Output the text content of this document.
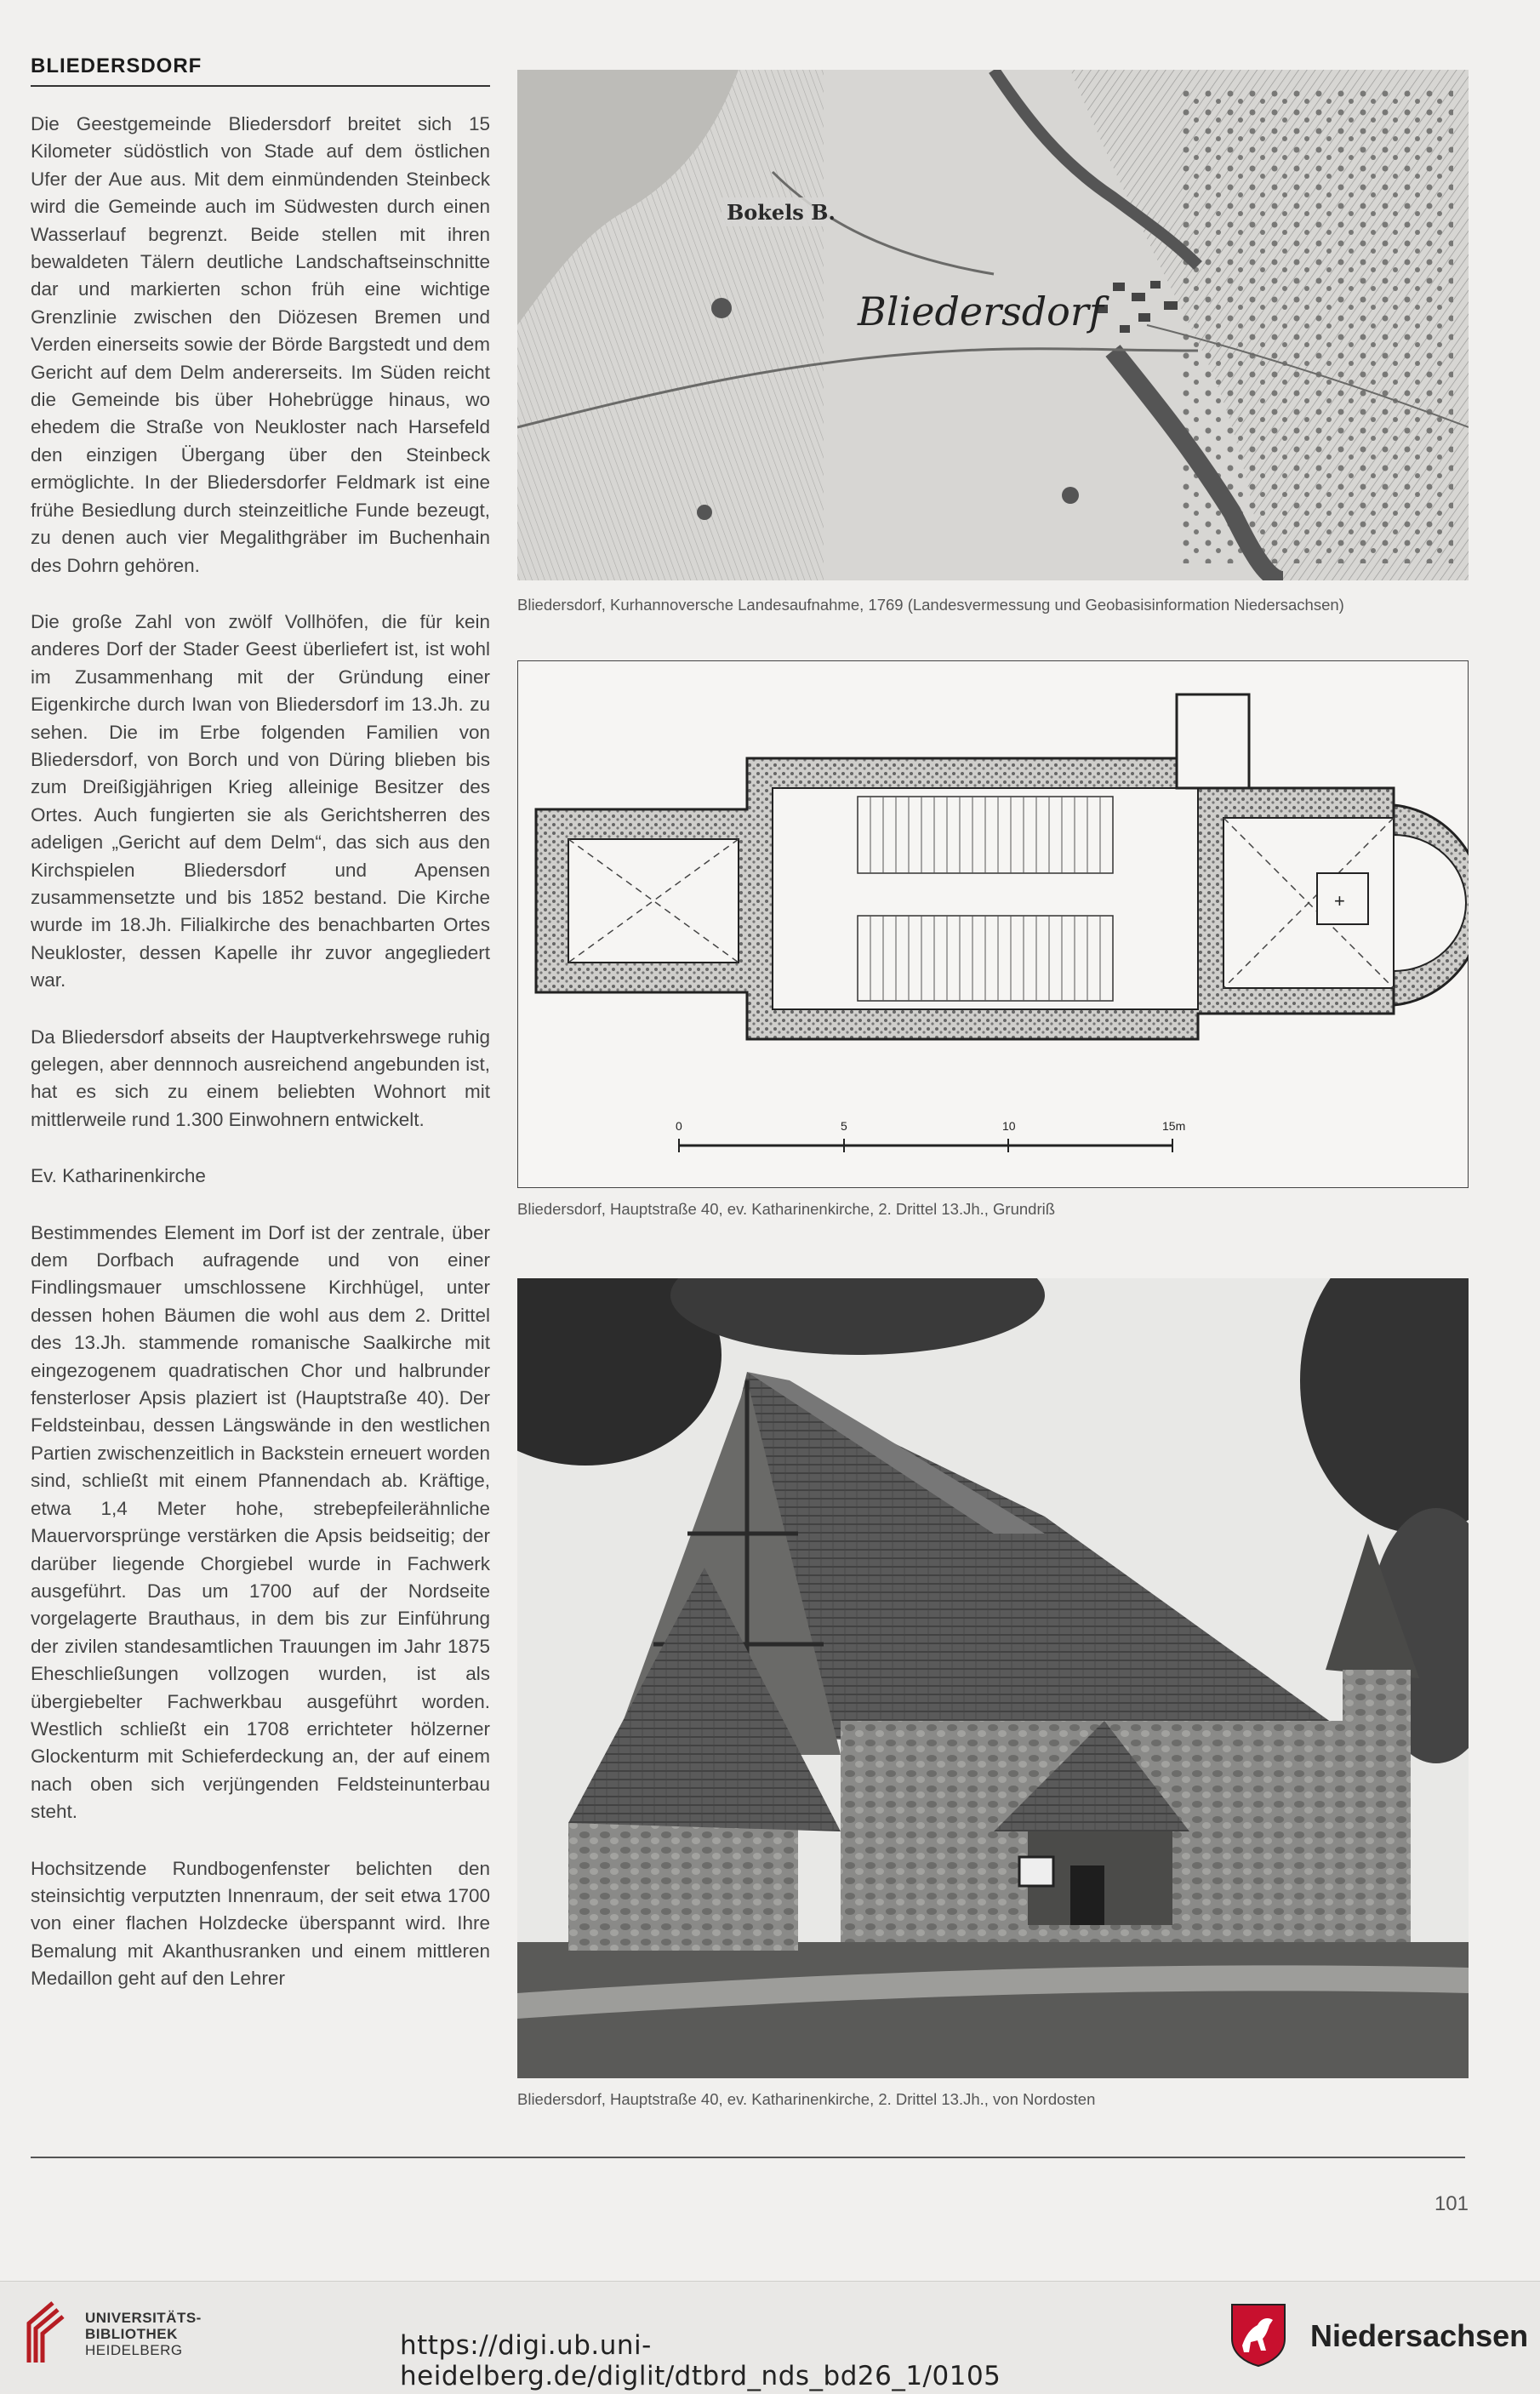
BLIEDERSDORF

Die Geestgemeinde Bliedersdorf breitet sich 15 Kilometer südöstlich von Stade auf dem östlichen Ufer der Aue aus. Mit dem einmündenden Steinbeck wird die Gemeinde auch im Südwesten durch einen Wasserlauf begrenzt. Beide stellen mit ihren bewaldeten Tälern deutliche Landschaftseinschnitte dar und markierten schon früh eine wichtige Grenzlinie zwischen den Diözesen Bremen und Verden einerseits sowie der Börde Bargstedt und dem Gericht auf dem Delm andererseits. Im Süden reicht die Gemeinde bis über Hohebrügge hinaus, wo ehedem die Straße von Neukloster nach Harsefeld den einzigen Übergang über den Steinbeck ermöglichte. In der Bliedersdorfer Feldmark ist eine frühe Besiedlung durch steinzeitliche Funde bezeugt, zu denen auch vier Megalithgräber im Buchenhain des Dohrn gehören.

Die große Zahl von zwölf Vollhöfen, die für kein anderes Dorf der Stader Geest überliefert ist, ist wohl im Zusammenhang mit der Gründung einer Eigenkirche durch Iwan von Bliedersdorf im 13.Jh. zu sehen. Die im Erbe folgenden Familien von Bliedersdorf, von Borch und von Düring blieben bis zum Dreißigjährigen Krieg alleinige Besitzer des Ortes. Auch fungierten sie als Gerichtsherren des adeligen „Gericht auf dem Delm“, das sich aus den Kirchspielen Bliedersdorf und Apensen zusammensetzte und bis 1852 bestand. Die Kirche wurde im 18.Jh. Filialkirche des benachbarten Ortes Neukloster, dessen Kapelle ihr zuvor angegliedert war.

Da Bliedersdorf abseits der Hauptverkehrswege ruhig gelegen, aber dennnoch ausreichend angebunden ist, hat es sich zu einem beliebten Wohnort mit mittlerweile rund 1.300 Einwohnern entwickelt.

Ev. Katharinenkirche

Bestimmendes Element im Dorf ist der zentrale, über dem Dorfbach aufragende und von einer Findlingsmauer umschlossene Kirchhügel, unter dessen hohen Bäumen die wohl aus dem 2. Drittel des 13.Jh. stammende romanische Saalkirche mit eingezogenem quadratischen Chor und halbrunder fensterloser Apsis plaziert ist (Hauptstraße 40). Der Feldsteinbau, dessen Längswände in den westlichen Partien zwischenzeitlich in Backstein erneuert worden sind, schließt mit einem Pfannendach ab. Kräftige, etwa 1,4 Meter hohe, strebepfeilerähnliche Mauervorsprünge verstärken die Apsis beidseitig; der darüber liegende Chorgiebel wurde in Fachwerk ausgeführt. Das um 1700 auf der Nordseite vorgelagerte Brauthaus, in dem bis zur Einführung der zivilen standesamtlichen Trauungen im Jahr 1875 Eheschließungen vollzogen wurden, ist als übergiebelter Fachwerkbau ausgeführt worden. Westlich schließt ein 1708 errichteter hölzerner Glockenturm mit Schieferdeckung an, der auf einem nach oben sich verjüngenden Feldsteinunterbau steht.

Hochsitzende Rundbogenfenster belichten den steinsichtig verputzten Innenraum, der seit etwa 1700 von einer flachen Holzdecke überspannt wird. Ihre Bemalung mit Akanthusranken und einem mittleren Medaillon geht auf den Lehrer

Bokels B.
Bliedersdorf
Bliedersdorf, Kurhannoversche Landesaufnahme, 1769 (Landesvermessung und Geobasisinformation Niedersachsen)
+
0	5	10	15m
Bliedersdorf, Hauptstraße 40, ev. Katharinenkirche, 2. Drittel 13.Jh., Grundriß
Bliedersdorf, Hauptstraße 40, ev. Katharinenkirche, 2. Drittel 13.Jh., von Nordosten
101
UNIVERSITÄTS-
BIBLIOTHEK
HEIDELBERG	https://digi.ub.uni-heidelberg.de/diglit/dtbrd_nds_bd26_1/0105
Niedersachsen
